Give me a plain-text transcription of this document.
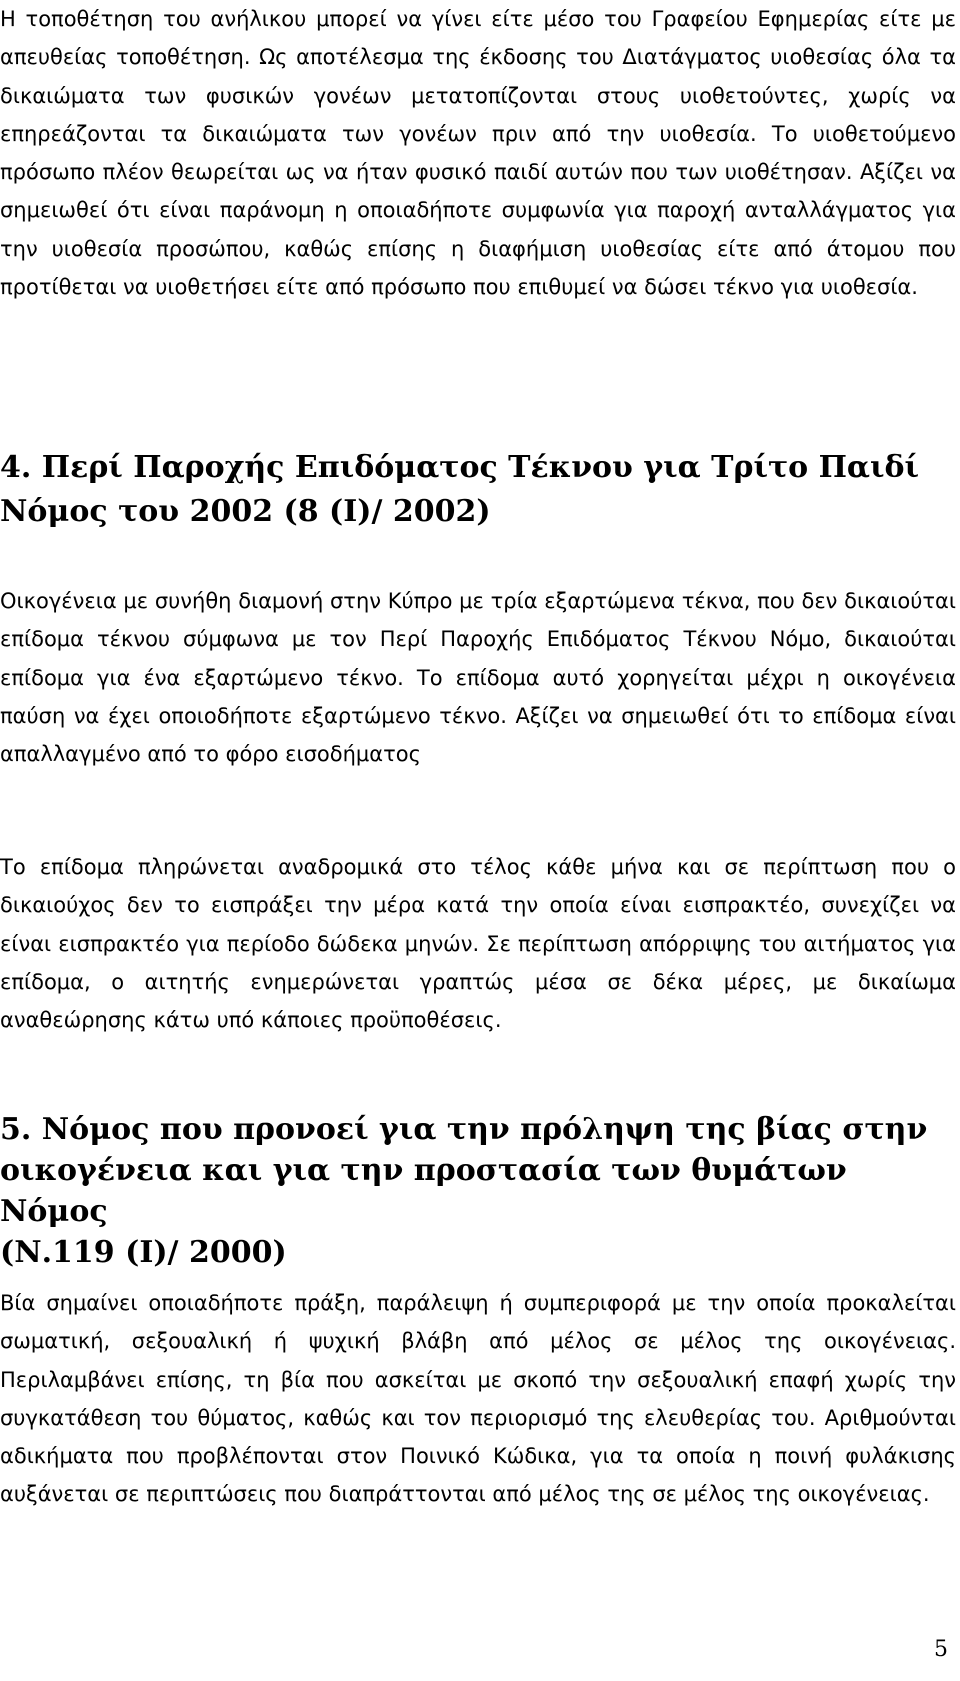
Η τοποθέτηση του ανήλικου μπορεί να γίνει είτε μέσο του Γραφείου Εφημερίας είτε με απευθείας τοποθέτηση. Ως αποτέλεσμα της έκδοσης του Διατάγματος υιοθεσίας όλα τα δικαιώματα των φυσικών γονέων μετατοπίζονται στους υιοθετούντες, χωρίς να επηρεάζονται τα δικαιώματα των γονέων πριν από την υιοθεσία. Το υιοθετούμενο πρόσωπο πλέον θεωρείται ως να ήταν φυσικό παιδί αυτών που των υιοθέτησαν. Αξίζει να σημειωθεί ότι είναι παράνομη η οποιαδήποτε συμφωνία για παροχή ανταλλάγματος για την υιοθεσία προσώπου, καθώς επίσης η διαφήμιση υιοθεσίας είτε από άτομου που προτίθεται να υιοθετήσει είτε από πρόσωπο που επιθυμεί να δώσει τέκνο για υιοθεσία.

4. Περί Παροχής Επιδόματος Τέκνου για Τρίτο Παιδί
Νόμος του 2002 (8 (Ι)/ 2002)

Οικογένεια με συνήθη διαμονή στην Κύπρο με τρία εξαρτώμενα τέκνα, που δεν δικαιούται επίδομα τέκνου σύμφωνα με τον Περί Παροχής Επιδόματος Τέκνου Νόμο, δικαιούται επίδομα για ένα εξαρτώμενο τέκνο. Το επίδομα αυτό χορηγείται μέχρι η οικογένεια παύση να έχει οποιοδήποτε εξαρτώμενο τέκνο. Αξίζει να σημειωθεί ότι το επίδομα είναι απαλλαγμένο από το φόρο εισοδήματος

Το επίδομα πληρώνεται αναδρομικά στο τέλος κάθε μήνα και σε περίπτωση που ο δικαιούχος δεν το εισπράξει την μέρα κατά την οποία είναι εισπρακτέο, συνεχίζει να είναι εισπρακτέο για περίοδο δώδεκα μηνών. Σε περίπτωση απόρριψης του αιτήματος για επίδομα, ο αιτητής ενημερώνεται γραπτώς μέσα σε δέκα μέρες, με δικαίωμα αναθεώρησης κάτω υπό κάποιες προϋποθέσεις.

5. Νόμος που προνοεί για την πρόληψη της βίας στην
οικογένεια και για την προστασία των θυμάτων Νόμος
(Ν.119 (Ι)/ 2000)

Βία σημαίνει οποιαδήποτε πράξη, παράλειψη ή συμπεριφορά με την οποία προκαλείται σωματική, σεξουαλική ή ψυχική βλάβη από μέλος σε μέλος της οικογένειας. Περιλαμβάνει επίσης, τη βία που ασκείται με σκοπό την σεξουαλική επαφή χωρίς την συγκατάθεση του θύματος, καθώς και τον περιορισμό της ελευθερίας του. Αριθμούνται αδικήματα που προβλέπονται στον Ποινικό Κώδικα, για τα οποία η ποινή φυλάκισης αυξάνεται σε περιπτώσεις που διαπράττονται από μέλος της σε μέλος της οικογένειας.

5
